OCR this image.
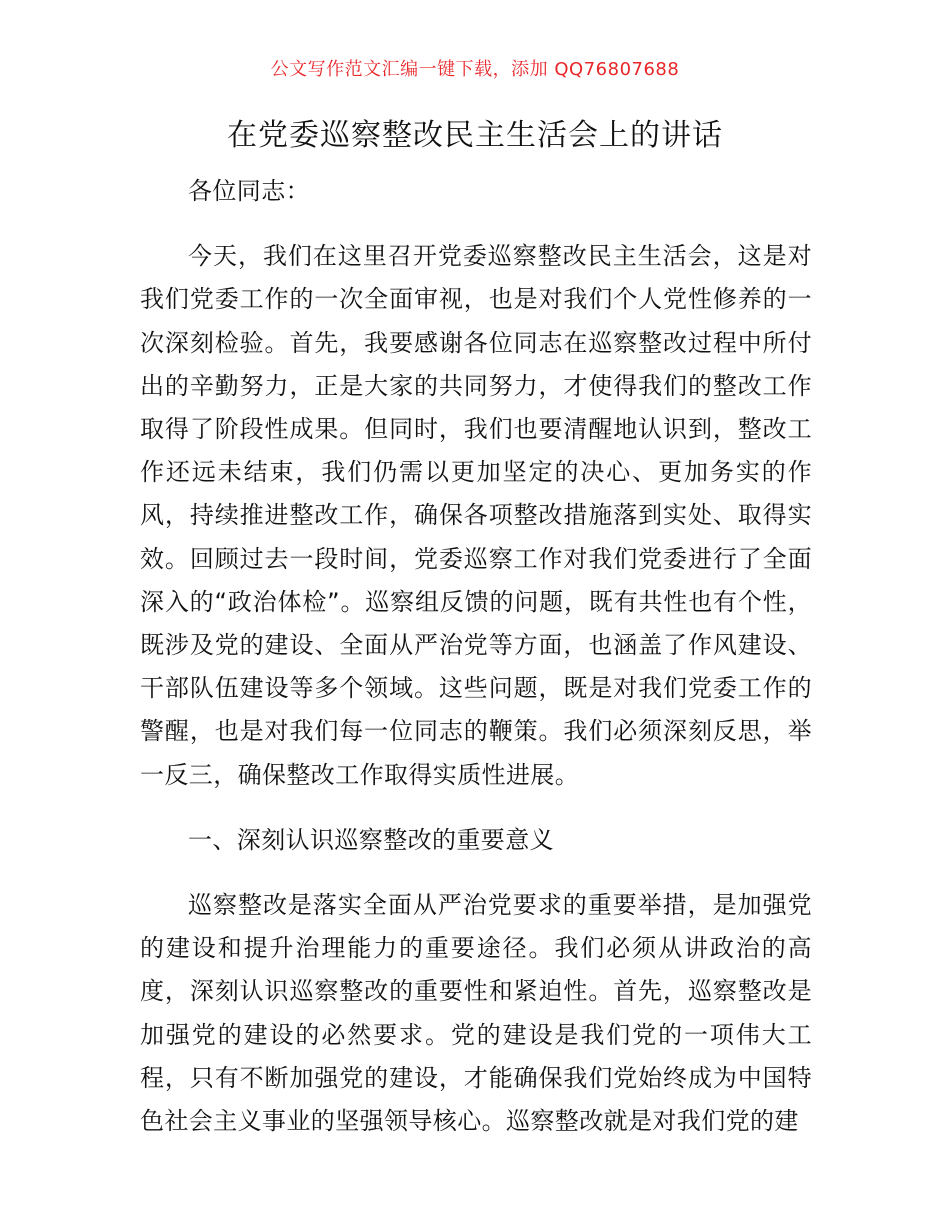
公文写作范文汇编一键下载，添加 QQ76807688
在党委巡察整改民主生活会上的讲话

各位同志：

今天，我们在这里召开党委巡察整改民主生活会，这是对我们党委工作的一次全面审视，也是对我们个人党性修养的一次深刻检验。首先，我要感谢各位同志在巡察整改过程中所付出的辛勤努力，正是大家的共同努力，才使得我们的整改工作取得了阶段性成果。但同时，我们也要清醒地认识到，整改工作还远未结束，我们仍需以更加坚定的决心、更加务实的作风，持续推进整改工作，确保各项整改措施落到实处、取得实效。回顾过去一段时间，党委巡察工作对我们党委进行了全面深入的“政治体检”。巡察组反馈的问题，既有共性也有个性，既涉及党的建设、全面从严治党等方面，也涵盖了作风建设、干部队伍建设等多个领域。这些问题，既是对我们党委工作的警醒，也是对我们每一位同志的鞭策。我们必须深刻反思，举一反三，确保整改工作取得实质性进展。

一、深刻认识巡察整改的重要意义

巡察整改是落实全面从严治党要求的重要举措，是加强党的建设和提升治理能力的重要途径。我们必须从讲政治的高度，深刻认识巡察整改的重要性和紧迫性。首先，巡察整改是加强党的建设的必然要求。党的建设是我们党的一项伟大工程，只有不断加强党的建设，才能确保我们党始终成为中国特色社会主义事业的坚强领导核心。巡察整改就是对我们党的建
